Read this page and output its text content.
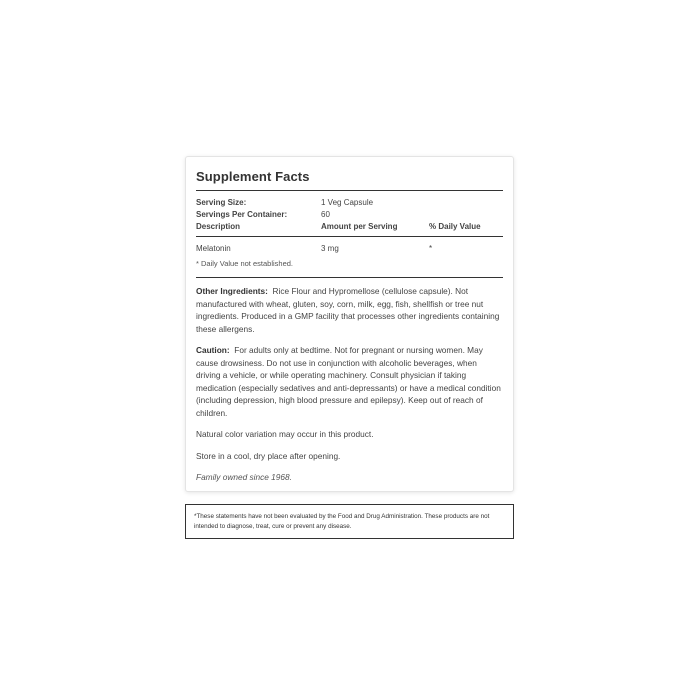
Supplement Facts
Serving Size:	1 Veg Capsule	
Servings Per Container:	60	
Description	Amount per Serving	% Daily Value
Melatonin	3 mg	*
* Daily Value not established.

Other Ingredients: Rice Flour and Hypromellose (cellulose capsule). Not manufactured with wheat, gluten, soy, corn, milk, egg, fish, shellfish or tree nut ingredients. Produced in a GMP facility that processes other ingredients containing these allergens.

Caution: For adults only at bedtime. Not for pregnant or nursing women. May cause drowsiness. Do not use in conjunction with alcoholic beverages, when driving a vehicle, or while operating machinery. Consult physician if taking medication (especially sedatives and anti-depressants) or have a medical condition (including depression, high blood pressure and epilepsy). Keep out of reach of children.

Natural color variation may occur in this product.

Store in a cool, dry place after opening.

Family owned since 1968.

*These statements have not been evaluated by the Food and Drug Administration. These products are not intended to diagnose, treat, cure or prevent any disease.
